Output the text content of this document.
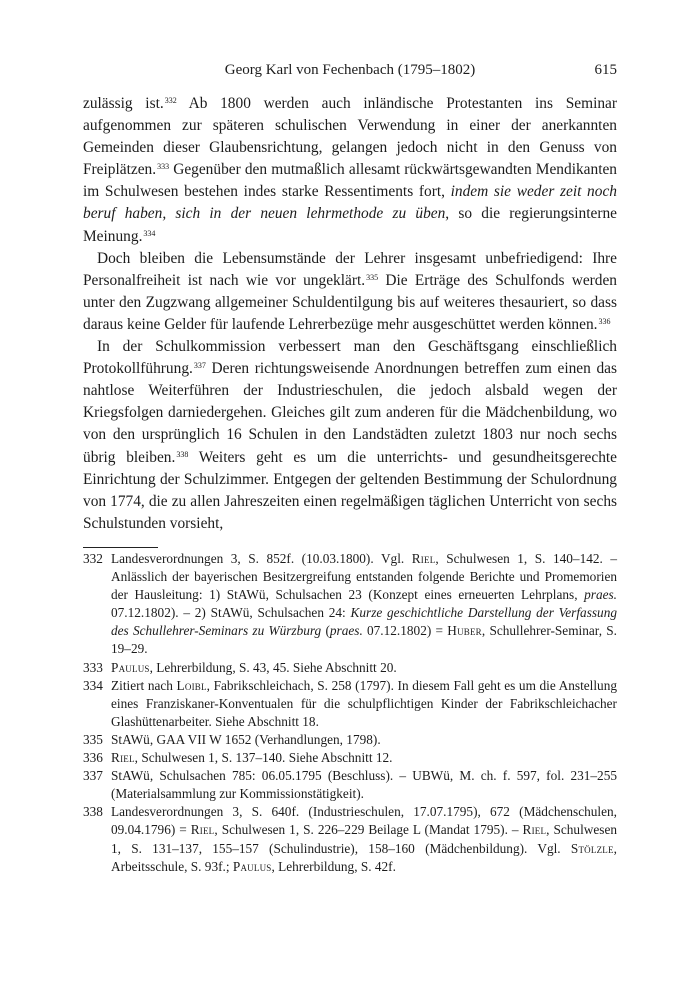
Georg Karl von Fechenbach (1795–1802)	615

zulässig ist.$^{332}$ Ab 1800 werden auch inländische Protestanten ins Seminar aufgenommen zur späteren schulischen Verwendung in einer der anerkannten Gemeinden dieser Glaubensrichtung, gelangen jedoch nicht in den Genuss von Freiplätzen.$^{333}$ Gegenüber den mutmaßlich allesamt rückwärtsgewandten Mendikanten im Schulwesen bestehen indes starke Ressentiments fort, indem sie weder zeit noch beruf haben, sich in der neuen lehrmethode zu üben, so die regierungsinterne Meinung.$^{334}$

Doch bleiben die Lebensumstände der Lehrer insgesamt unbefriedigend: Ihre Personalfreiheit ist nach wie vor ungeklärt.$^{335}$ Die Erträge des Schulfonds werden unter den Zugzwang allgemeiner Schuldentilgung bis auf weiteres thesauriert, so dass daraus keine Gelder für laufende Lehrerbezüge mehr ausgeschüttet werden können.$^{336}$

In der Schulkommission verbessert man den Geschäftsgang einschließlich Protokollführung.$^{337}$ Deren richtungsweisende Anordnungen betreffen zum einen das nahtlose Weiterführen der Industrieschulen, die jedoch alsbald wegen der Kriegsfolgen darniedergehen. Gleiches gilt zum anderen für die Mädchenbildung, wo von den ursprünglich 16 Schulen in den Landstädten zuletzt 1803 nur noch sechs übrig bleiben.$^{338}$ Weiters geht es um die unterrichts- und gesundheitsgerechte Einrichtung der Schulzimmer. Entgegen der geltenden Bestimmung der Schulordnung von 1774, die zu allen Jahreszeiten einen regelmäßigen täglichen Unterricht von sechs Schulstunden vorsieht,

332 Landesverordnungen 3, S. 852f. (10.03.1800). Vgl. Riel, Schulwesen 1, S. 140–142. – Anlässlich der bayerischen Besitzergreifung entstanden folgende Berichte und Promemorien der Hausleitung: 1) StAWü, Schulsachen 23 (Konzept eines erneuerten Lehrplans, praes. 07.12.1802). – 2) StAWü, Schulsachen 24: Kurze geschichtliche Darstellung der Verfassung des Schullehrer-Seminars zu Würzburg (praes. 07.12.1802) = Huber, Schullehrer-Seminar, S. 19–29.
333 Paulus, Lehrerbildung, S. 43, 45. Siehe Abschnitt 20.
334 Zitiert nach Loibl, Fabrikschleichach, S. 258 (1797). In diesem Fall geht es um die Anstellung eines Franziskaner-Konventualen für die schulpflichtigen Kinder der Fabrikschleichacher Glashüttenarbeiter. Siehe Abschnitt 18.
335 StAWü, GAA VII W 1652 (Verhandlungen, 1798).
336 Riel, Schulwesen 1, S. 137–140. Siehe Abschnitt 12.
337 StAWü, Schulsachen 785: 06.05.1795 (Beschluss). – UBWü, M. ch. f. 597, fol. 231–255 (Materialsammlung zur Kommissionstätigkeit).
338 Landesverordnungen 3, S. 640f. (Industrieschulen, 17.07.1795), 672 (Mädchenschulen, 09.04.1796) = Riel, Schulwesen 1, S. 226–229 Beilage L (Mandat 1795). – Riel, Schulwesen 1, S. 131–137, 155–157 (Schulindustrie), 158–160 (Mädchenbildung). Vgl. Stölzle, Arbeitsschule, S. 93f.; Paulus, Lehrerbildung, S. 42f.
